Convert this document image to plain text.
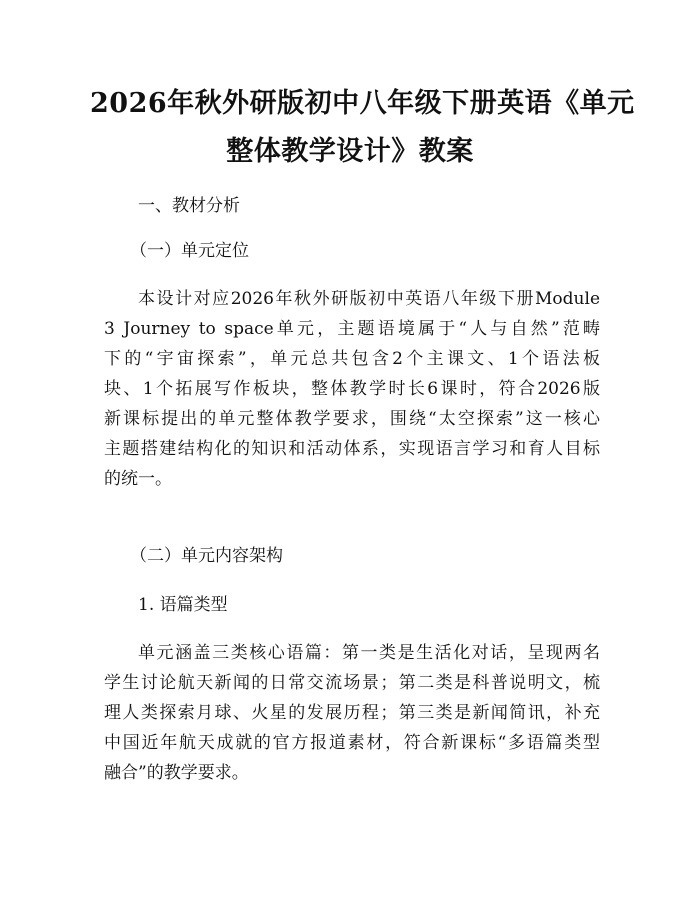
2026年秋外研版初中八年级下册英语《单元
整体教学设计》教案
一、教材分析
（一）单元定位
本设计对应2026年秋外研版初中英语八年级下册Module
3 Journey to space单元，主题语境属于“人与自然”范畴
下的“宇宙探索”，单元总共包含2个主课文、1个语法板
块、1个拓展写作板块，整体教学时长6课时，符合2026版
新课标提出的单元整体教学要求，围绕“太空探索”这一核心
主题搭建结构化的知识和活动体系，实现语言学习和育人目标
的统一。
（二）单元内容架构
1. 语篇类型
单元涵盖三类核心语篇：第一类是生活化对话，呈现两名
学生讨论航天新闻的日常交流场景；第二类是科普说明文，梳
理人类探索月球、火星的发展历程；第三类是新闻简讯，补充
中国近年航天成就的官方报道素材，符合新课标“多语篇类型
融合”的教学要求。
